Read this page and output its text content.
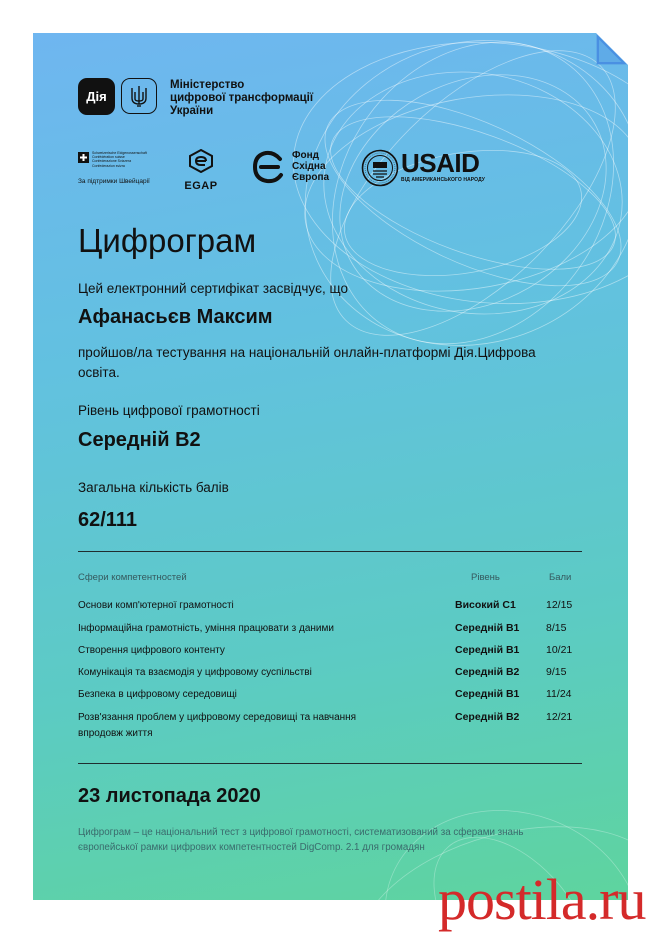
Дія
Міністерство
цифрової трансформації
України
Schweizerische Eidgenossenschaft
Confédération suisse
Confederazione Svizzera
Confederaziun svizra
За підтримки Швейцарії	EGAP
Фонд
Східна
Європа	USAID
ВІД АМЕРИКАНСЬКОГО НАРОДУ
Цифрограм
Цей електронний сертифікат засвідчує, що
Афанасьєв Максим
пройшов/ла тестування на національній онлайн-платформі Дія.Цифрова освіта.
Рівень цифрової грамотності
Середній B2
Загальна кількість балів
62/111
Сфери компетентностей	Рівень	Бали
Основи комп'ютерної грамотності	Високий C1	12/15
Інформаційна грамотність, уміння працювати з даними	Середній B1	8/15
Створення цифрового контенту	Середній B1	10/21
Комунікація та взаємодія у цифровому суспільстві	Середній B2	9/15
Безпека в цифровому середовищі	Середній B1	11/24
Розв'язання проблем у цифровому середовищі та навчання впродовж життя
Середній B2	12/21
23 листопада 2020
Цифрограм – це національний тест з цифрової грамотності, систематизований за сферами знань європейської рамки цифрових компетентностей DigComp. 2.1 для громадян
postila.ru
